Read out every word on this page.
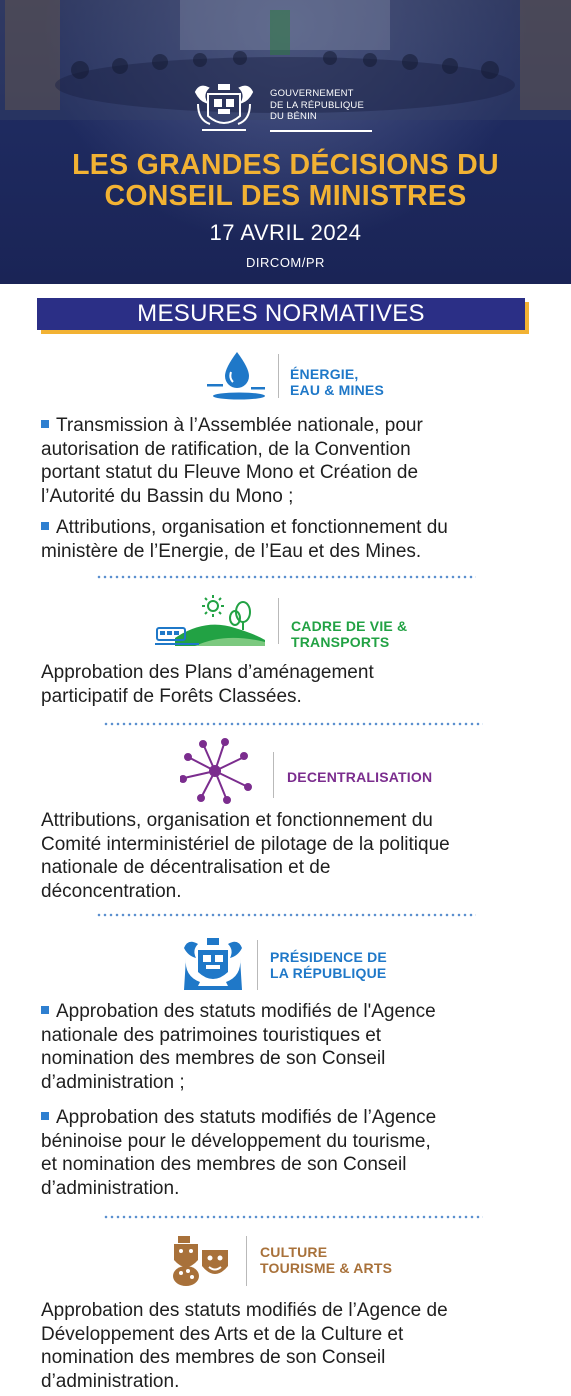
GOUVERNEMENT
DE LA RÉPUBLIQUE
DU BÉNIN
LES GRANDES DÉCISIONS DU
CONSEIL DES MINISTRES
17 AVRIL 2024
DIRCOM/PR
MESURES NORMATIVES
ÉNERGIE,
EAU & MINES
Transmission à l’Assemblée nationale, pour
autorisation de ratification, de la Convention
portant statut du Fleuve Mono et Création de
l’Autorité du Bassin du Mono ;
Attributions, organisation et fonctionnement du
ministère de l’Energie, de l’Eau et des Mines.
CADRE DE VIE &
TRANSPORTS
Approbation des Plans d’aménagement
participatif de Forêts Classées.
DECENTRALISATION
Attributions, organisation et fonctionnement du
Comité interministériel de pilotage de la politique
nationale de décentralisation et de
déconcentration.
PRÉSIDENCE DE
LA RÉPUBLIQUE
Approbation des statuts modifiés de l'Agence
nationale des patrimoines touristiques et
nomination des membres de son Conseil
d’administration ;
Approbation des statuts modifiés de l’Agence
béninoise pour le développement du tourisme,
et nomination des membres de son Conseil
d’administration.
CULTURE
TOURISME & ARTS
Approbation des statuts modifiés de l’Agence de
Développement des Arts et de la Culture et
nomination des membres de son Conseil
d’administration.
